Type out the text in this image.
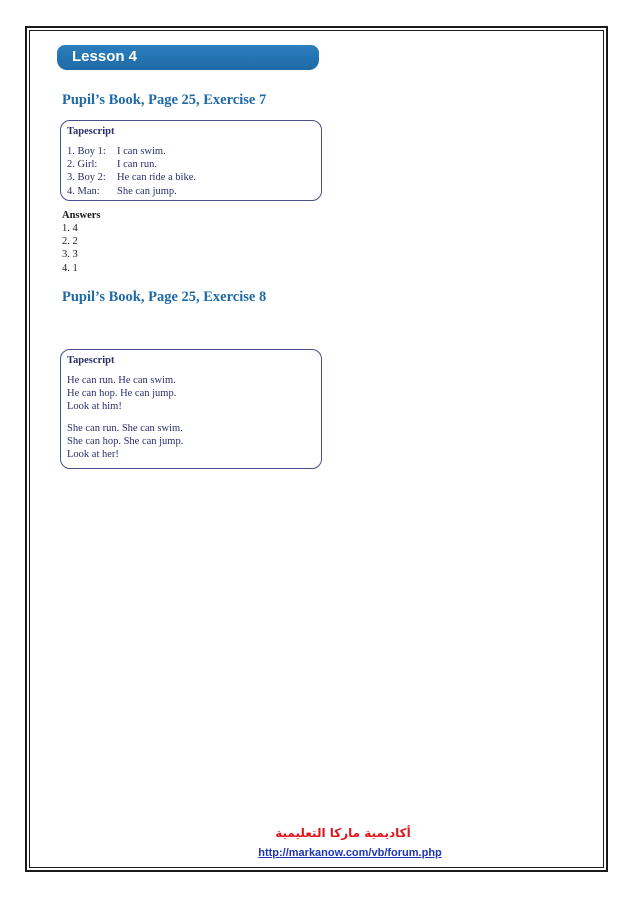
Lesson 4
Pupil’s Book, Page 25, Exercise 7
Tapescript
1. Boy 1: I can swim.
2. Girl: I can run.
3. Boy 2: He can ride a bike.
4. Man: She can jump.
Answers
1. 4
2. 2
3. 3
4. 1
Pupil’s Book, Page 25, Exercise 8
Tapescript
He can run. He can swim.
He can hop. He can jump.
Look at him!
She can run. She can swim.
She can hop. She can jump.
Look at her!
أكاديمية ماركا التعليمية
http://markanow.com/vb/forum.php
